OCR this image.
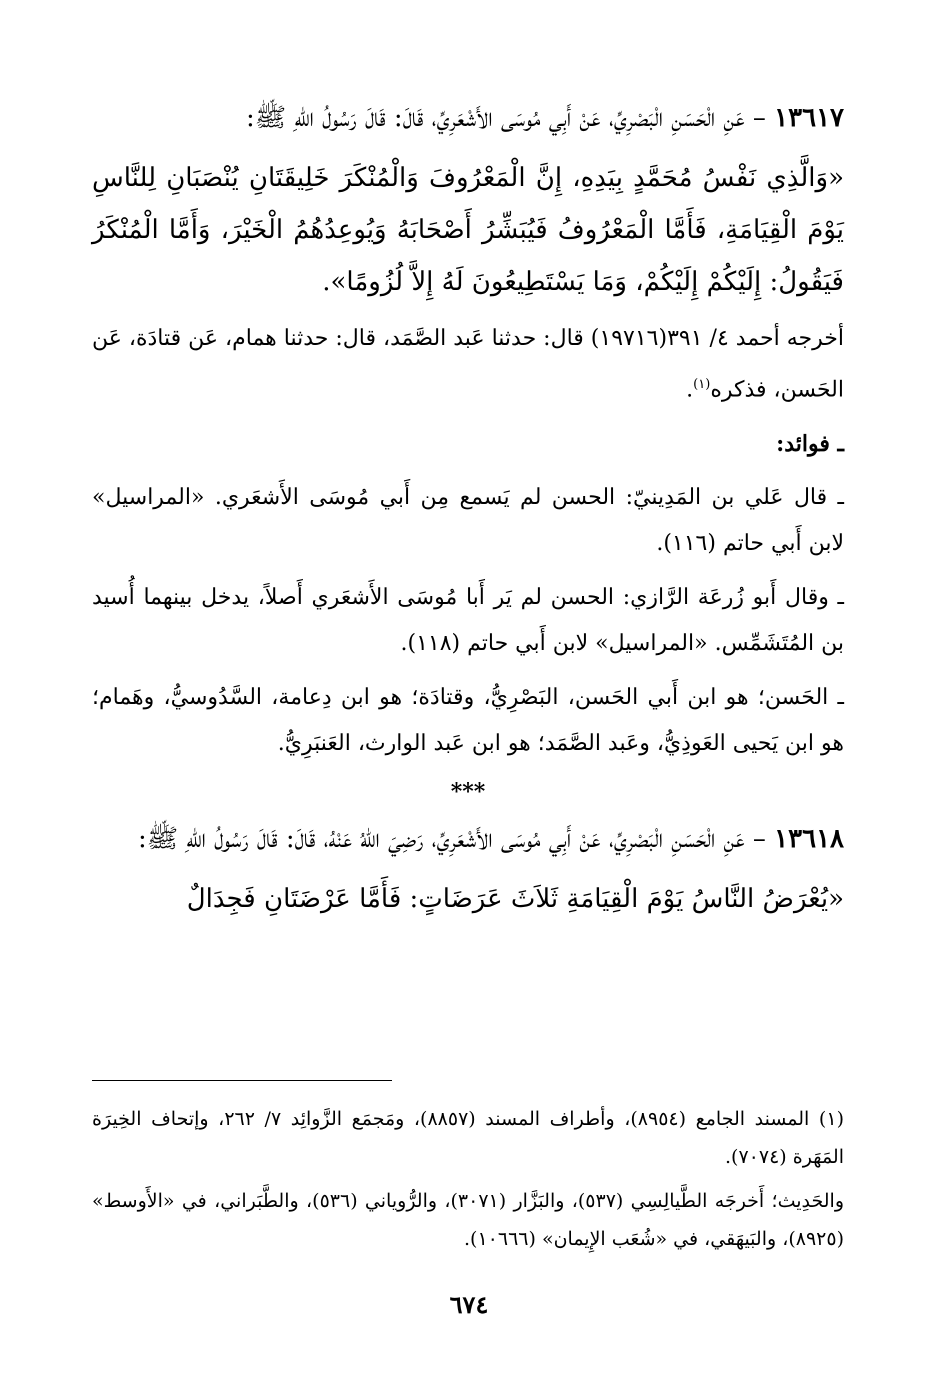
١٣٦١٧ – عَنِ الْحَسَنِ الْبَصْرِيِّ، عَنْ أَبِي مُوسَى الأَشْعَرِيِّ، قَالَ: قَالَ رَسُولُ اللهِ ﷺ:

«وَالَّذِي نَفْسُ مُحَمَّدٍ بِيَدِهِ، إِنَّ الْمَعْرُوفَ وَالْمُنْكَرَ خَلِيقَتَانِ يُنْصَبَانِ لِلنَّاسِ يَوْمَ الْقِيَامَةِ، فَأَمَّا الْمَعْرُوفُ فَيُبَشِّرُ أَصْحَابَهُ وَيُوعِدُهُمُ الْخَيْرَ، وَأَمَّا الْمُنْكَرُ فَيَقُولُ: إِلَيْكُمْ إِلَيْكُمْ، وَمَا يَسْتَطِيعُونَ لَهُ إِلاَّ لُزُومًا».

أخرجه أحمد ٤/ ٣٩١(١٩٧١٦) قال: حدثنا عَبد الصَّمَد، قال: حدثنا همام، عَن قتادَة، عَن الحَسن، فذكره$^{(١)}$.

ـ فوائد:

ـ قال عَلي بن المَدِينيّ: الحسن لم يَسمع مِن أَبي مُوسَى الأَشعَري. «المراسيل» لابن أَبي حاتم (١١٦).

ـ وقال أَبو زُرعَة الرَّازي: الحسن لم يَر أَبا مُوسَى الأَشعَري أَصلاً، يدخل بينهما أُسيد بن المُتَشَمِّس. «المراسيل» لابن أَبي حاتم (١١٨).

ـ الحَسن؛ هو ابن أَبي الحَسن، البَصْرِيُّ، وقتادَة؛ هو ابن دِعامة، السَّدُوسيُّ، وهَمام؛ هو ابن يَحيى العَوذِيُّ، وعَبد الصَّمَد؛ هو ابن عَبد الوارث، العَنبَرِيُّ.

***

١٣٦١٨ – عَنِ الْحَسَنِ الْبَصْرِيِّ، عَنْ أَبِي مُوسَى الأَشْعَرِيِّ، رَضِيَ اللهُ عَنْهُ، قَالَ: قَالَ رَسُولُ اللهِ ﷺ:

«يُعْرَضُ النَّاسُ يَوْمَ الْقِيَامَةِ ثَلاَثَ عَرَضَاتٍ: فَأَمَّا عَرْضَتَانِ فَجِدَالٌ

(١) المسند الجامع (٨٩٥٤)، وأطراف المسند (٨٨٥٧)، ومَجمَع الزَّوائِد ٧/ ٢٦٢، وإتحاف الخِيرَة المَهَرة (٧٠٧٤).

والحَدِيث؛ أَخرجَه الطَّيالِسِي (٥٣٧)، والبَزَّار (٣٠٧١)، والرُّوياني (٥٣٦)، والطَّبَراني، في «الأَوسط» (٨٩٢٥)، والبَيهَقي، في «شُعَب الإِيمان» (١٠٦٦٦).

٦٧٤
